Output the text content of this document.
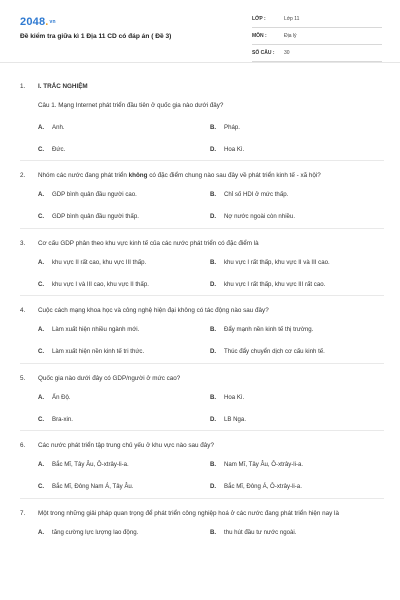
2048.vn
Đề kiểm tra giữa kì 1 Địa 11 CD có đáp án ( Đề 3)
LỚP :	Lớp 11
MÔN :	Địa lý
SỐ CÂU : 30
1.	I. TRẮC NGHIỆM
Câu 1. Mạng Internet phát triển đầu tiên ở quốc gia nào dưới đây?
A.	Anh.	B.	Pháp.
C.	Đức.	D.	Hoa Kì.
2.	Nhóm các nước đang phát triển không có đặc điểm chung nào sau đây về phát triển kinh tế - xã hội?
A.	GDP bình quân đầu người cao.	B.	Chỉ số HDI ở mức thấp.
C.	GDP bình quân đầu người thấp.	D.	Nợ nước ngoài còn nhiều.
3.	Cơ cấu GDP phân theo khu vực kinh tế của các nước phát triển có đặc điểm là
A.	khu vực II rất cao, khu vực III thấp.	B.	khu vực I rất thấp, khu vực II và III cao.
C.	khu vực I và III cao, khu vực II thấp.	D.	khu vực I rất thấp, khu vực III rất cao.
4.	Cuộc cách mạng khoa học và công nghệ hiện đại không có tác động nào sau đây?
A.	Làm xuất hiện nhiều ngành mới.	B.	Đẩy mạnh nền kinh tế thị trường.
C.	Làm xuất hiện nền kinh tế tri thức.	D.	Thúc đẩy chuyển dịch cơ cấu kinh tế.
5.	Quốc gia nào dưới đây có GDP/người ở mức cao?
A.	Ấn Độ.	B.	Hoa Kì.
C.	Bra-xin.	D.	LB Nga.
6.	Các nước phát triển tập trung chủ yếu ở khu vực nào sau đây?
A.	Bắc Mĩ, Tây Âu, Ô-xtrây-li-a.	B.	Nam Mĩ, Tây Âu, Ô-xtrây-li-a.
C.	Bắc Mĩ, Đông Nam Á, Tây Âu.	D.	Bắc Mĩ, Đông Á, Ô-xtrây-li-a.
7.	Một trong những giải pháp quan trọng để phát triển công nghiệp hoá ở các nước đang phát triển hiện nay là
A.	tăng cường lực lượng lao động.	B.	thu hút đầu tư nước ngoài.
